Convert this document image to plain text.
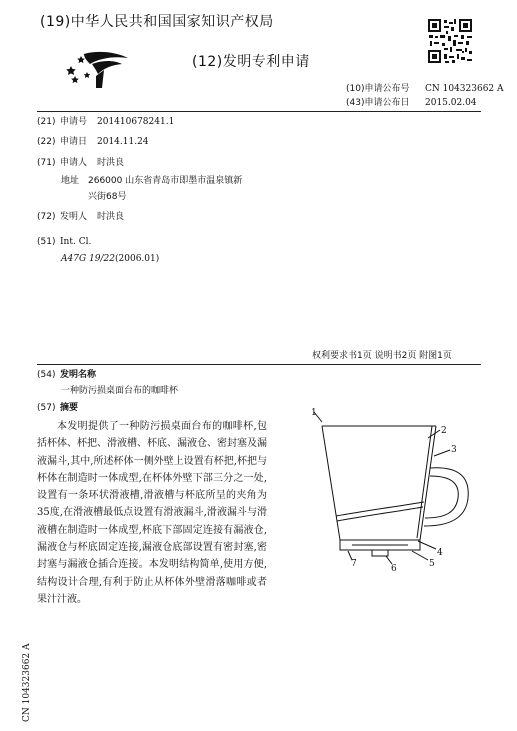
(19)中华人民共和国国家知识产权局
(12)发明专利申请
(10)申请公布号 CN 104323662 A
(43)申请公布日 2015.02.04
(21) 申请号 201410678241.1
(22) 申请日 2014.11.24
(71) 申请人 时洪良
地址 266000 山东省青岛市即墨市温泉镇新
兴街68号
(72) 发明人 时洪良
(51) Int. Cl.
A47G 19/22 (2006.01)
权利要求书1页 说明书2页 附图1页
(54) 发明名称
一种防污损桌面台布的咖啡杯
(57) 摘要
本发明提供了一种防污损桌面台布的咖啡杯,包括杯体、杯把、滑液槽、杯底、漏液仓、密封塞及漏液漏斗,其中,所述杯体一侧外壁上设置有杯把,杯把与杯体在制造时一体成型,在杯体外壁下部三分之一处,设置有一条环状滑液槽,滑液槽与杯底所呈的夹角为35度,在滑液槽最低点设置有滑液漏斗,滑液漏斗与滑液槽在制造时一体成型,杯底下部固定连接有漏液仓,漏液仓与杯底固定连接,漏液仓底部设置有密封塞,密封塞与漏液仓插合连接。本发明结构简单,使用方便,结构设计合理,有利于防止从杯体外壁滑落咖啡或者果汁汁液。
1
2
3
4
5
6
7
CN 104323662 A
